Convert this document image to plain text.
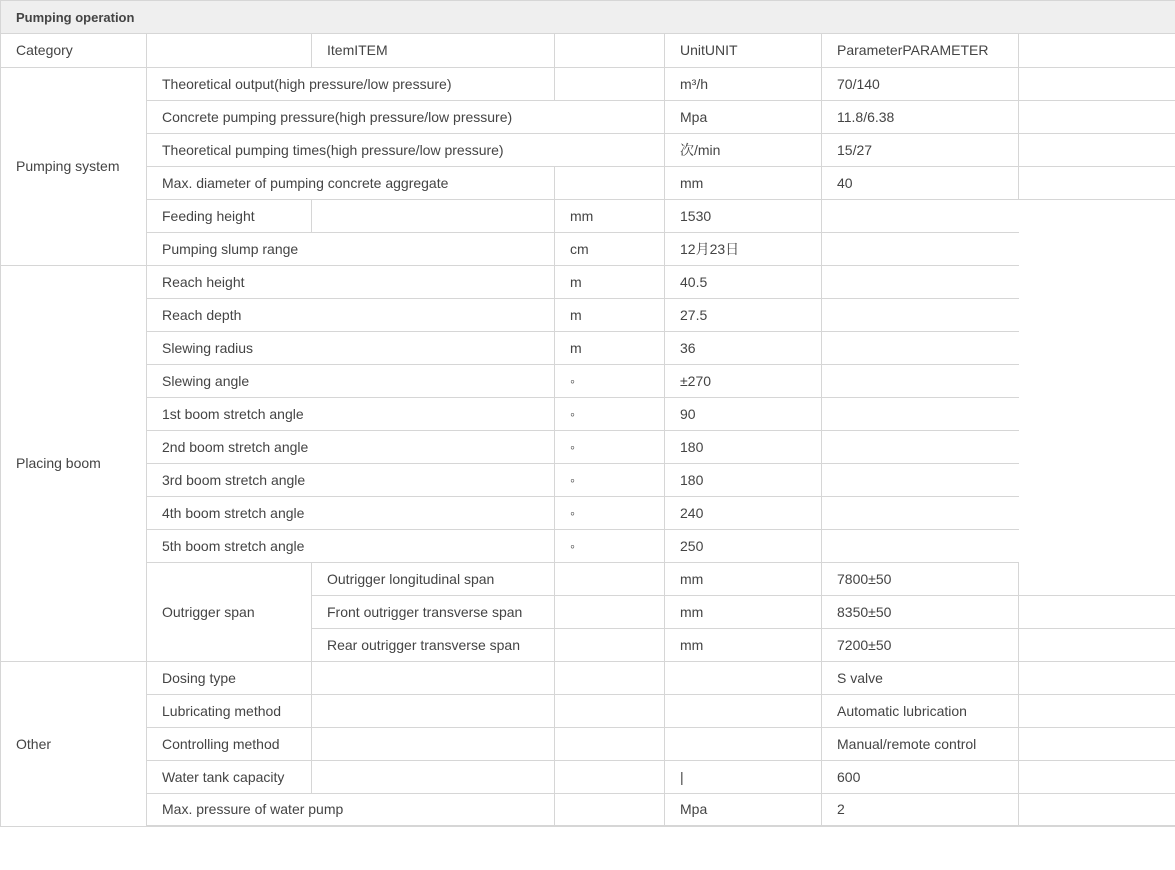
Pumping operation
Category		ItemITEM		UnitUNIT	ParameterPARAMETER	
Pumping system	Theoretical output(high pressure/low pressure)			m³/h	70/140	
	Concrete pumping pressure(high pressure/low pressure)			Mpa	11.8/6.38	
	Theoretical pumping times(high pressure/low pressure)			次/min	15/27	
	Max. diameter of pumping concrete aggregate			mm	40	
	Feeding height		mm	1530		
	Pumping slump range		cm	12月23日		
Placing boom	Reach height		m	40.5		
	Reach depth		m	27.5		
	Slewing radius		m	36		
	Slewing angle		◦	±270		
	1st boom stretch angle		◦	90		
	2nd boom stretch angle		◦	180		
	3rd boom stretch angle		◦	180		
	4th boom stretch angle		◦	240		
	5th boom stretch angle		◦	250		
	Outrigger span	Outrigger longitudinal span		mm	7800±50	
		Front outrigger transverse span		mm	8350±50	
		Rear outrigger transverse span		mm	7200±50	
Other	Dosing type				S valve	
	Lubricating method				Automatic lubrication	
	Controlling method				Manual/remote control	
	Water tank capacity			|	600	
	Max. pressure of water pump			Mpa	2	
